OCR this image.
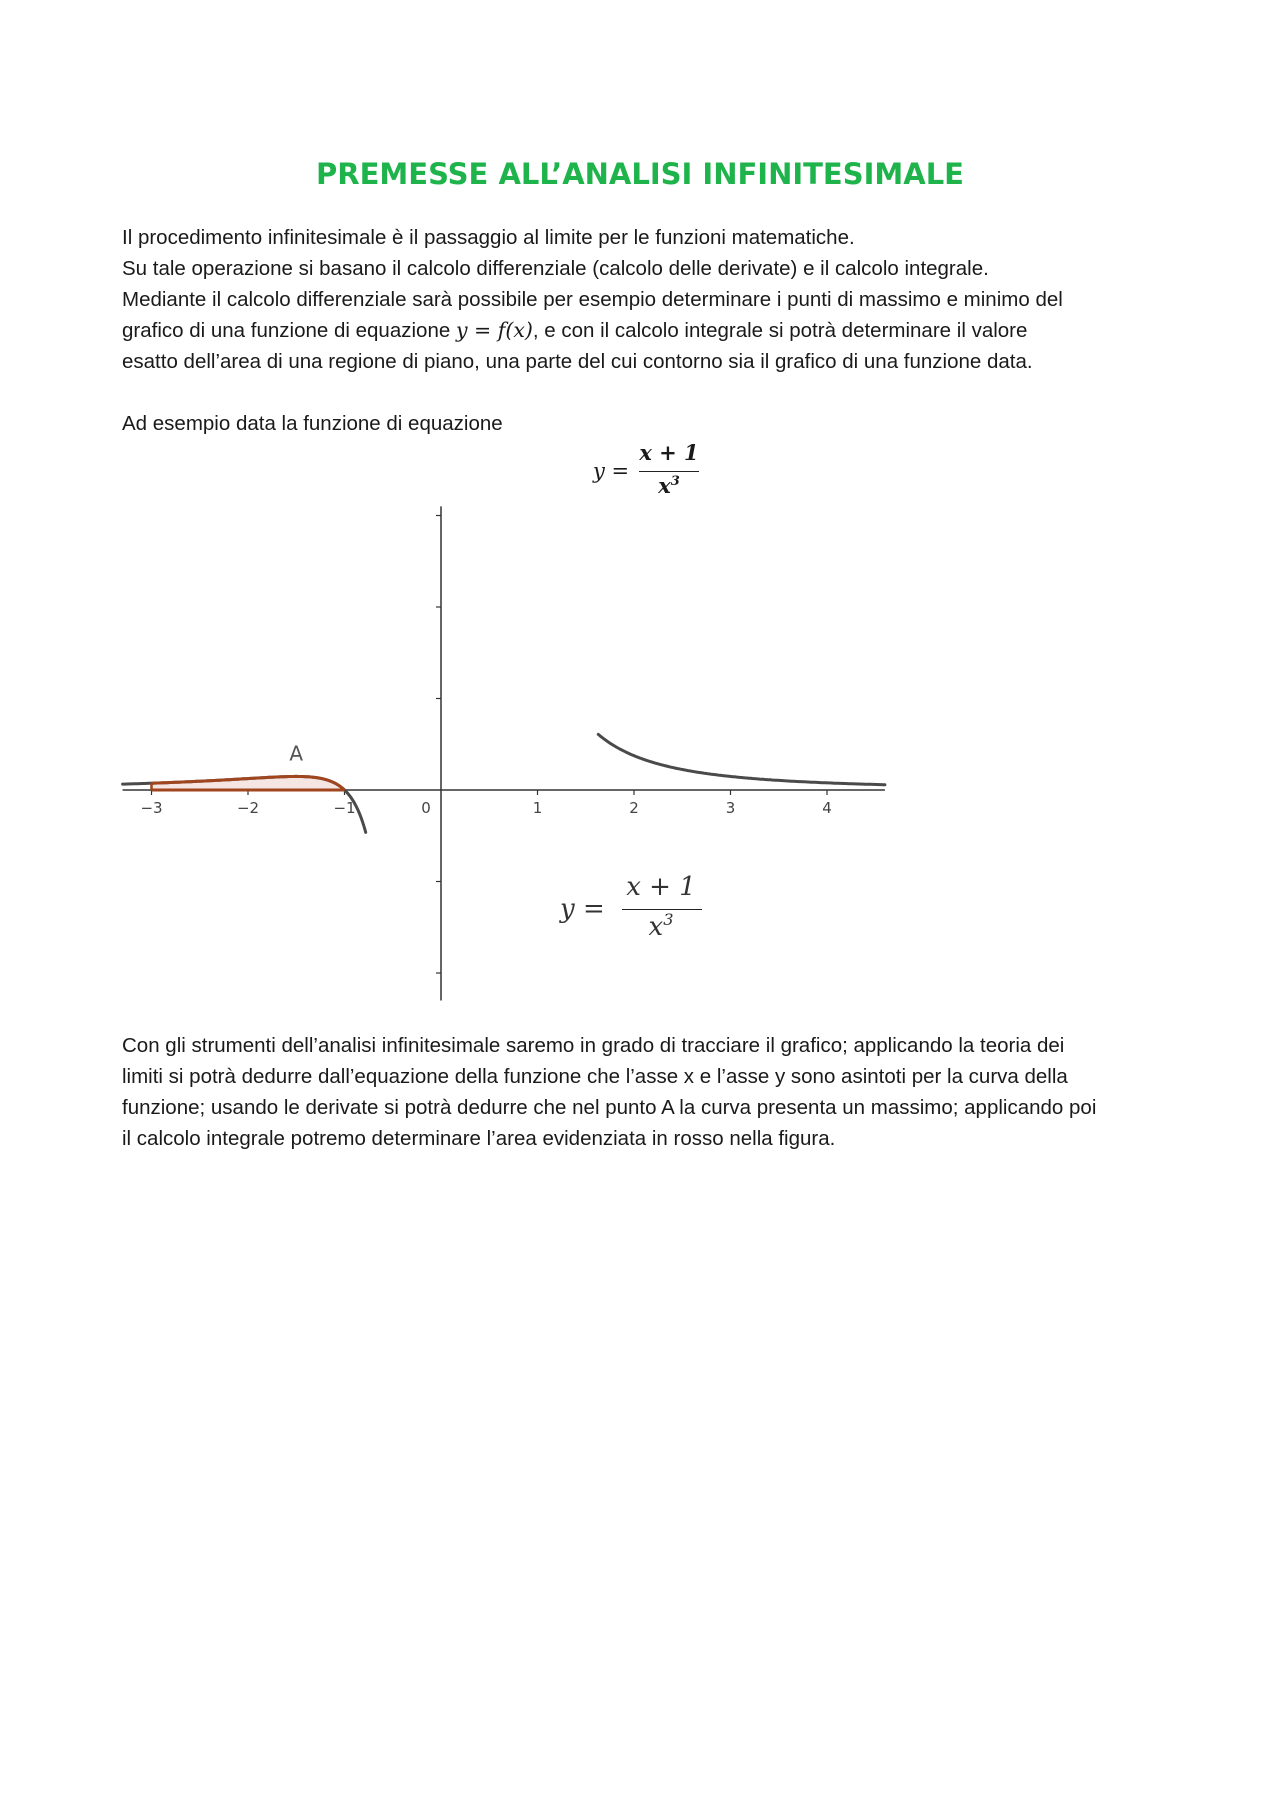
PREMESSE ALL’ANALISI INFINITESIMALE
Il procedimento infinitesimale è il passaggio al limite per le funzioni matematiche.
Su tale operazione si basano il calcolo differenziale (calcolo delle derivate) e il calcolo integrale.
Mediante il calcolo differenziale sarà possibile per esempio determinare i punti di massimo e minimo del
grafico di una funzione di equazione y = f(x), e con il calcolo integrale si potrà determinare il valore
esatto dell’area di una regione di piano, una parte del cui contorno sia il grafico di una funzione data.
Ad esempio data la funzione di equazione
y =
x + 1
$x^3$
−3	−2	−1	0	1	2	3	4
A
y =
x + 1
$x^3$
Con gli strumenti dell’analisi infinitesimale saremo in grado di tracciare il grafico; applicando la teoria dei
limiti si potrà dedurre dall’equazione della funzione che l’asse x e l’asse y sono asintoti per la curva della
funzione; usando le derivate si potrà dedurre che nel punto A la curva presenta un massimo; applicando poi
il calcolo integrale potremo determinare l’area evidenziata in rosso nella figura.
